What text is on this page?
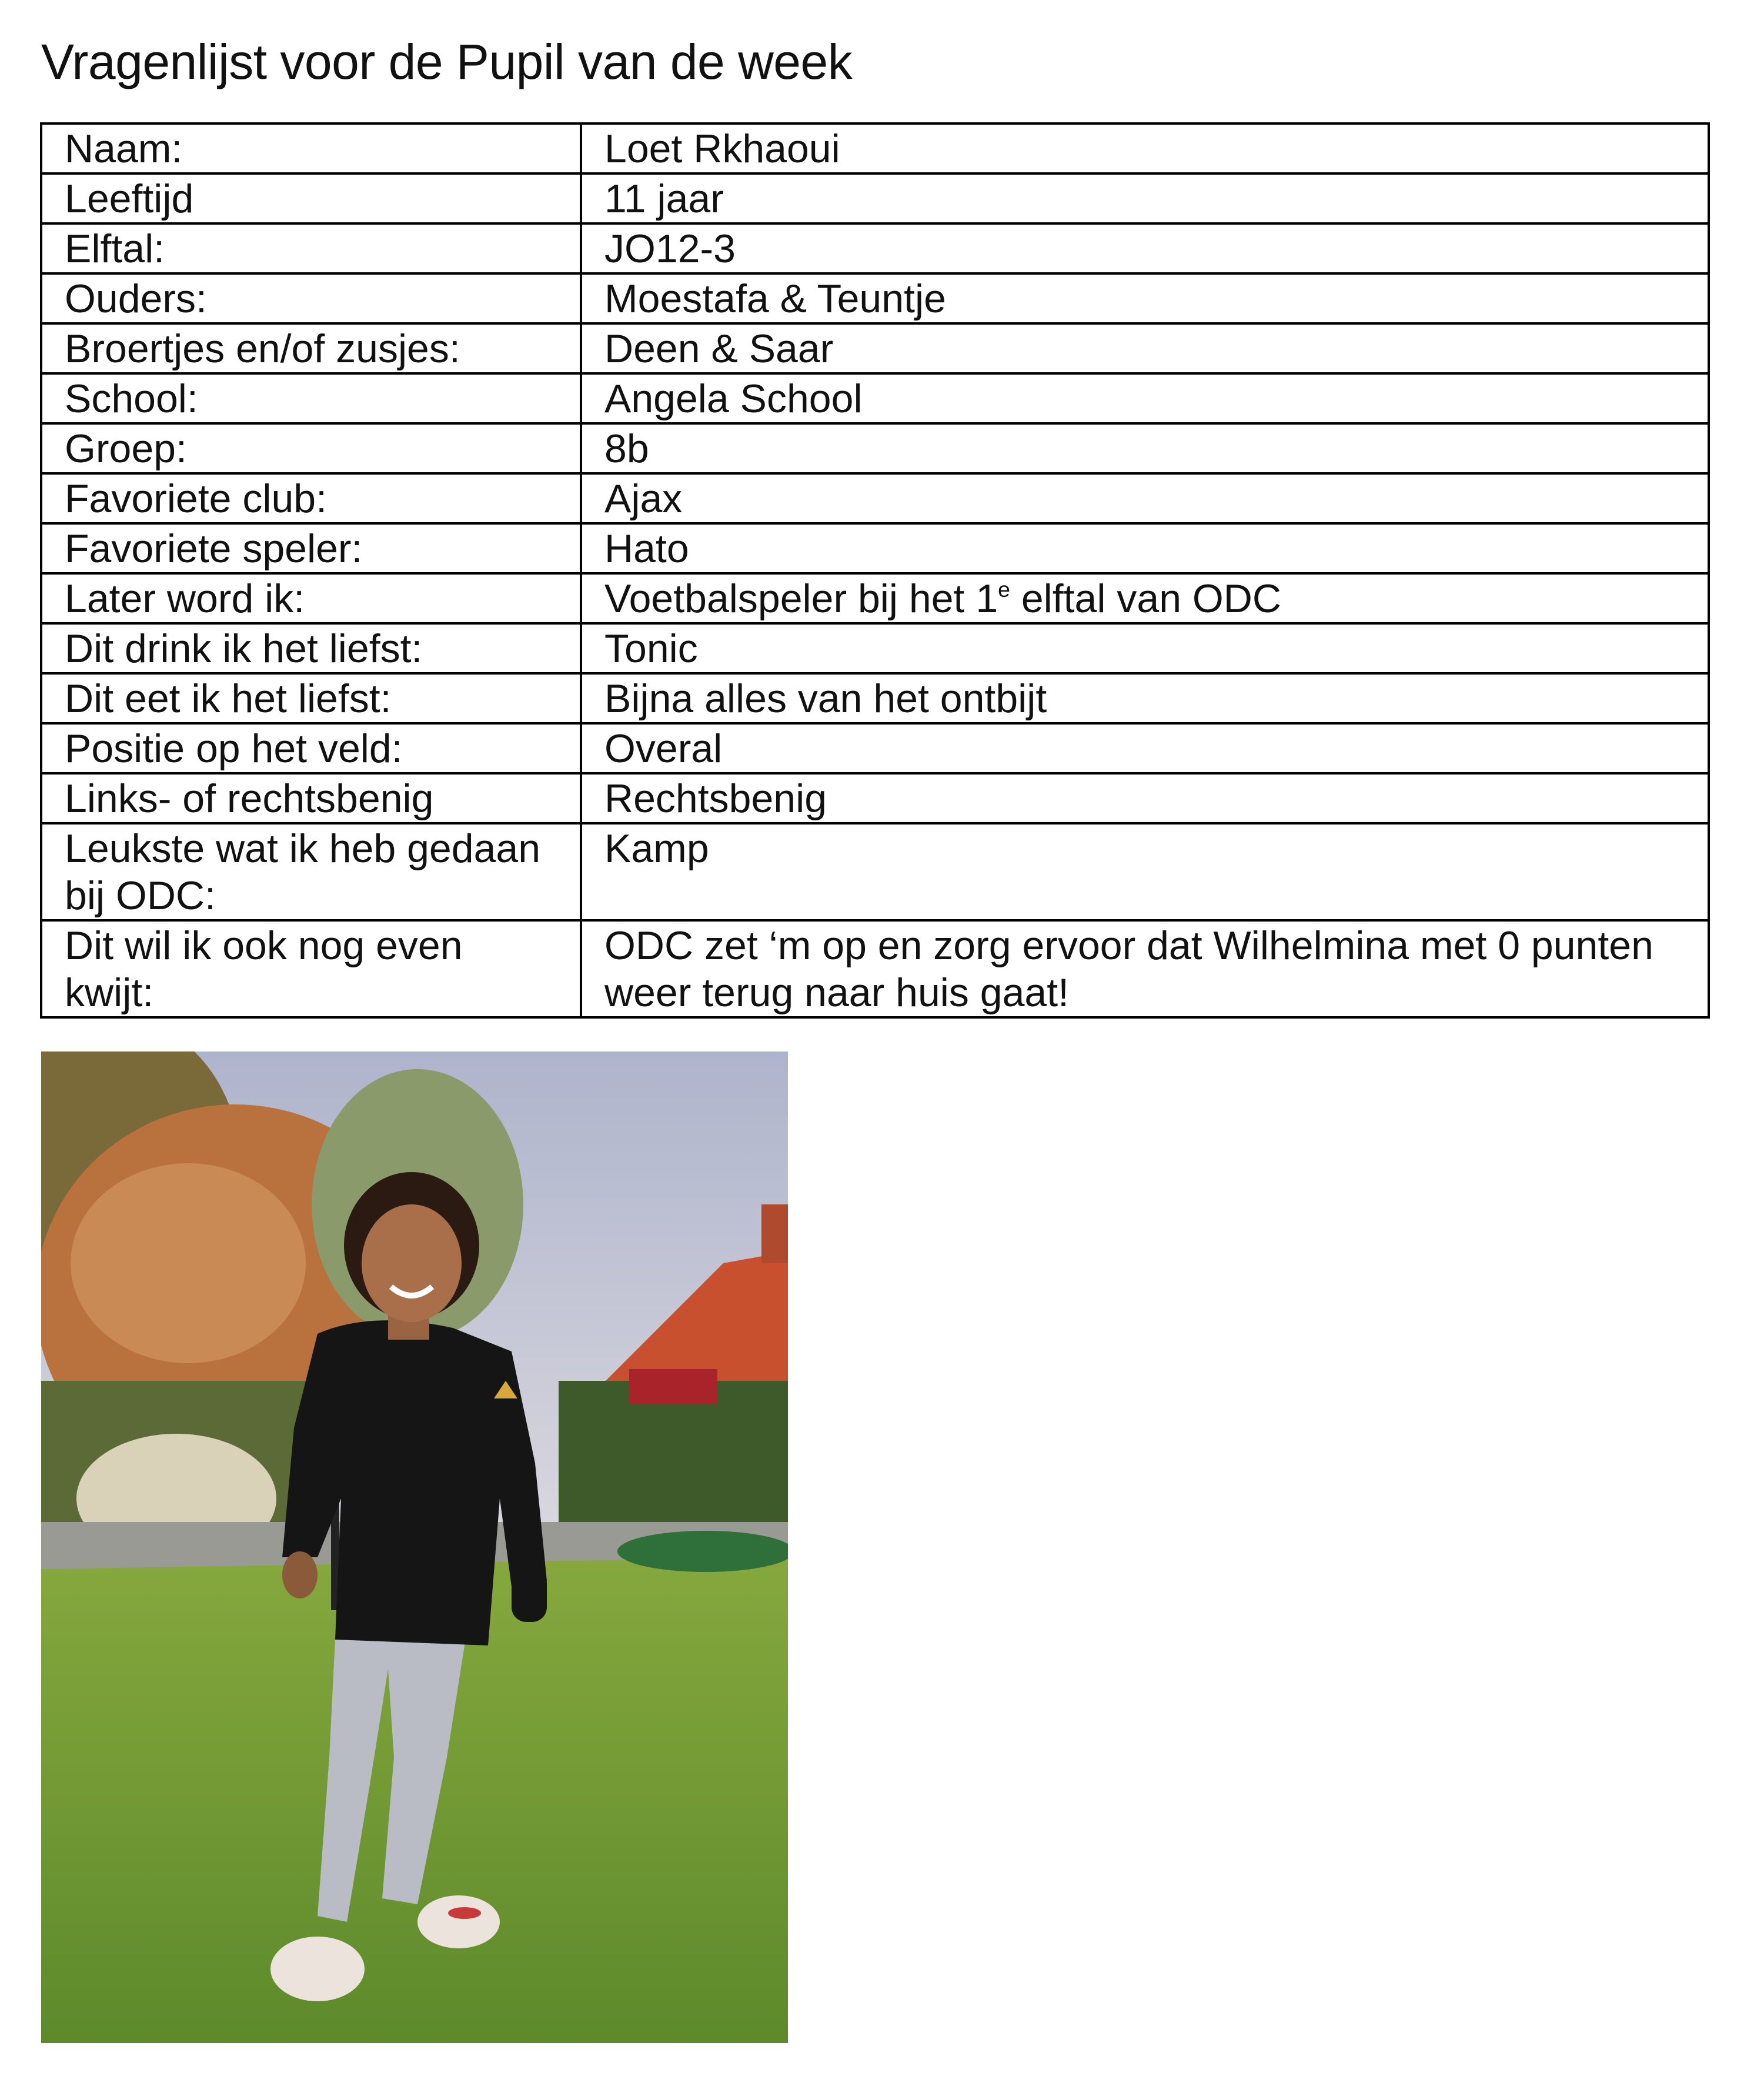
Vragenlijst voor de Pupil van de week
Naam:	Loet Rkhaoui
Leeftijd	11 jaar
Elftal:	JO12-3
Ouders:	Moestafa & Teuntje
Broertjes en/of zusjes:	Deen & Saar
School:	Angela School
Groep:	8b
Favoriete club:	Ajax
Favoriete speler:	Hato
Later word ik:	Voetbalspeler bij het 1e elftal van ODC
Dit drink ik het liefst:	Tonic
Dit eet ik het liefst:	Bijna alles van het ontbijt
Positie op het veld:	Overal
Links- of rechtsbenig	Rechtsbenig
Leukste wat ik heb gedaan bij ODC:	Kamp
Dit wil ik ook nog even kwijt:	ODC zet ‘m op en zorg ervoor dat Wilhelmina met 0 punten weer terug naar huis gaat!
